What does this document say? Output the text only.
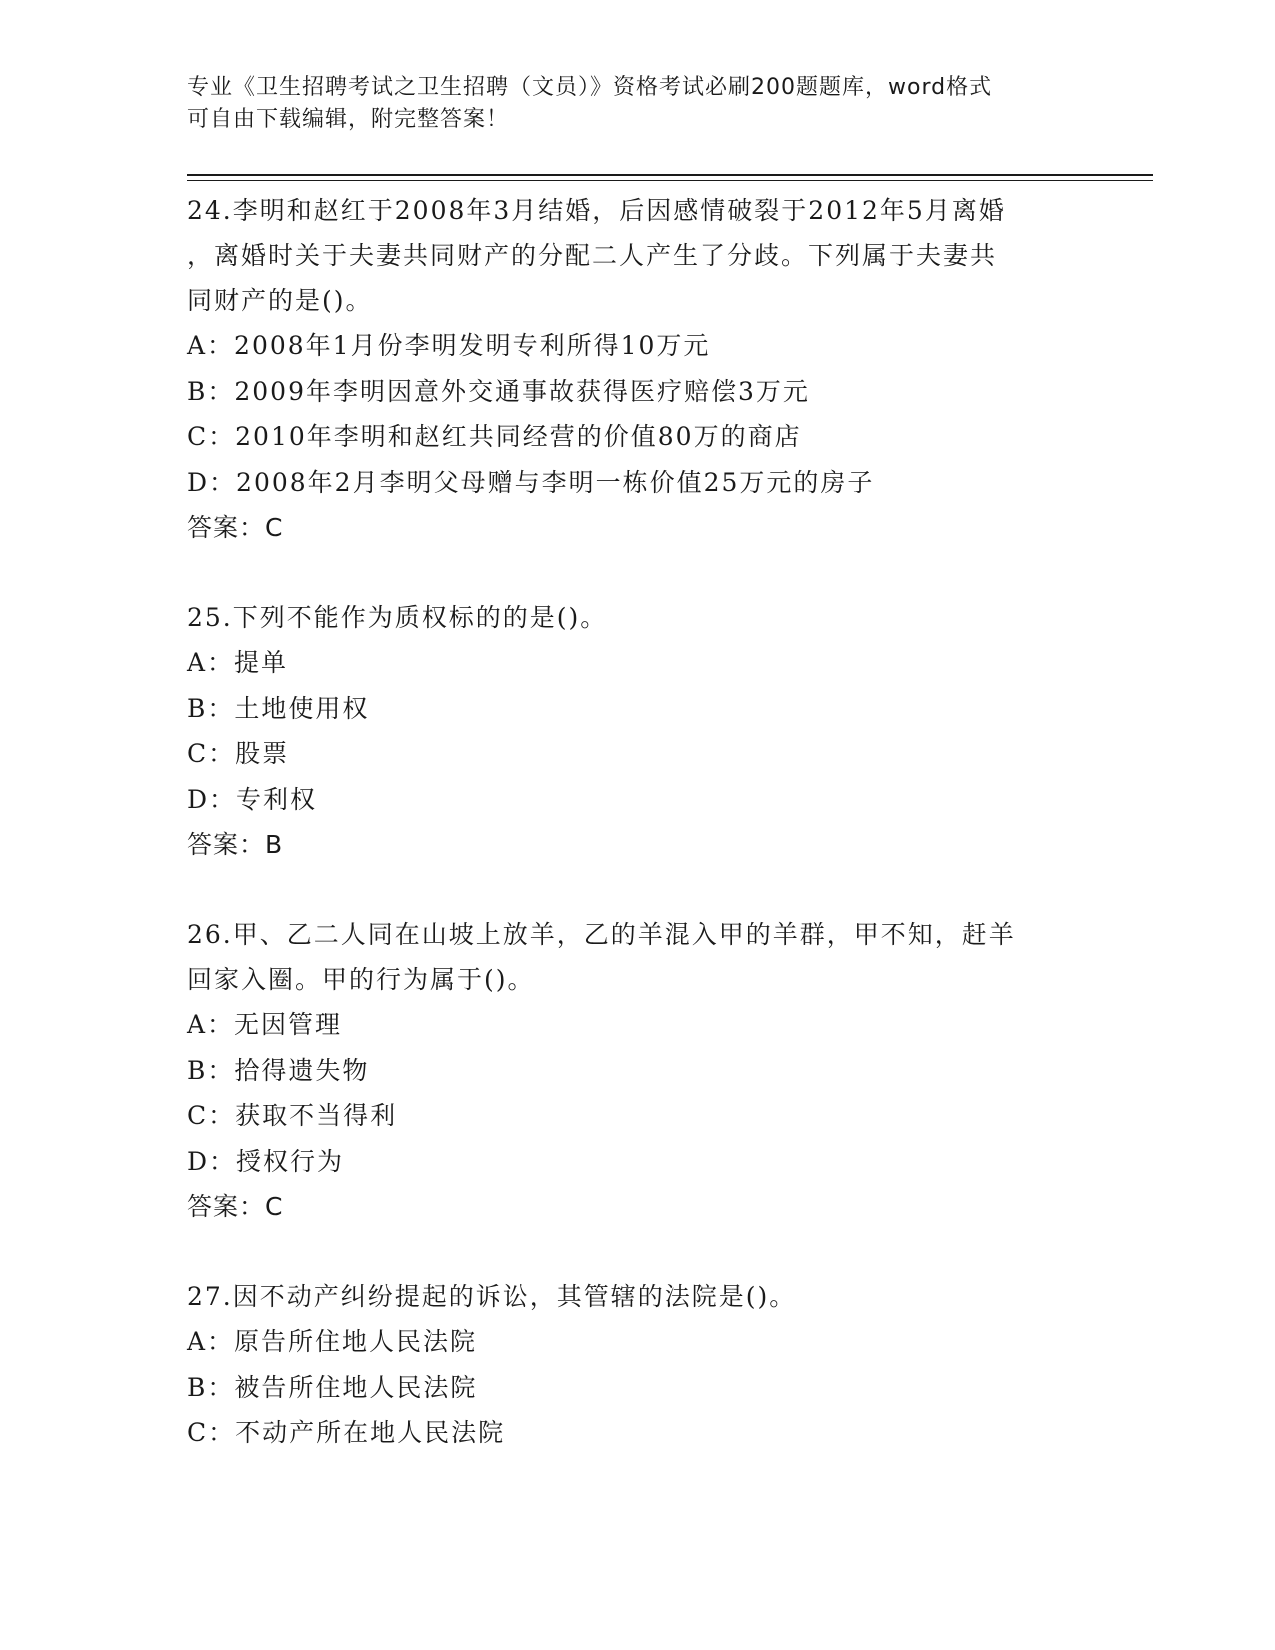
专业《卫生招聘考试之卫生招聘（文员）》资格考试必刷200题题库，word格式
可自由下载编辑，附完整答案！

24.李明和赵红于2008年3月结婚，后因感情破裂于2012年5月离婚

，离婚时关于夫妻共同财产的分配二人产生了分歧。下列属于夫妻共

同财产的是()。

A：2008年1月份李明发明专利所得10万元

B：2009年李明因意外交通事故获得医疗赔偿3万元

C：2010年李明和赵红共同经营的价值80万的商店

D：2008年2月李明父母赠与李明一栋价值25万元的房子

答案：C

25.下列不能作为质权标的的是()。

A：提单

B：土地使用权

C：股票

D：专利权

答案：B

26.甲、乙二人同在山坡上放羊，乙的羊混入甲的羊群，甲不知，赶羊

回家入圈。甲的行为属于()。

A：无因管理

B：拾得遗失物

C：获取不当得利

D：授权行为

答案：C

27.因不动产纠纷提起的诉讼，其管辖的法院是()。

A：原告所住地人民法院

B：被告所住地人民法院

C：不动产所在地人民法院
